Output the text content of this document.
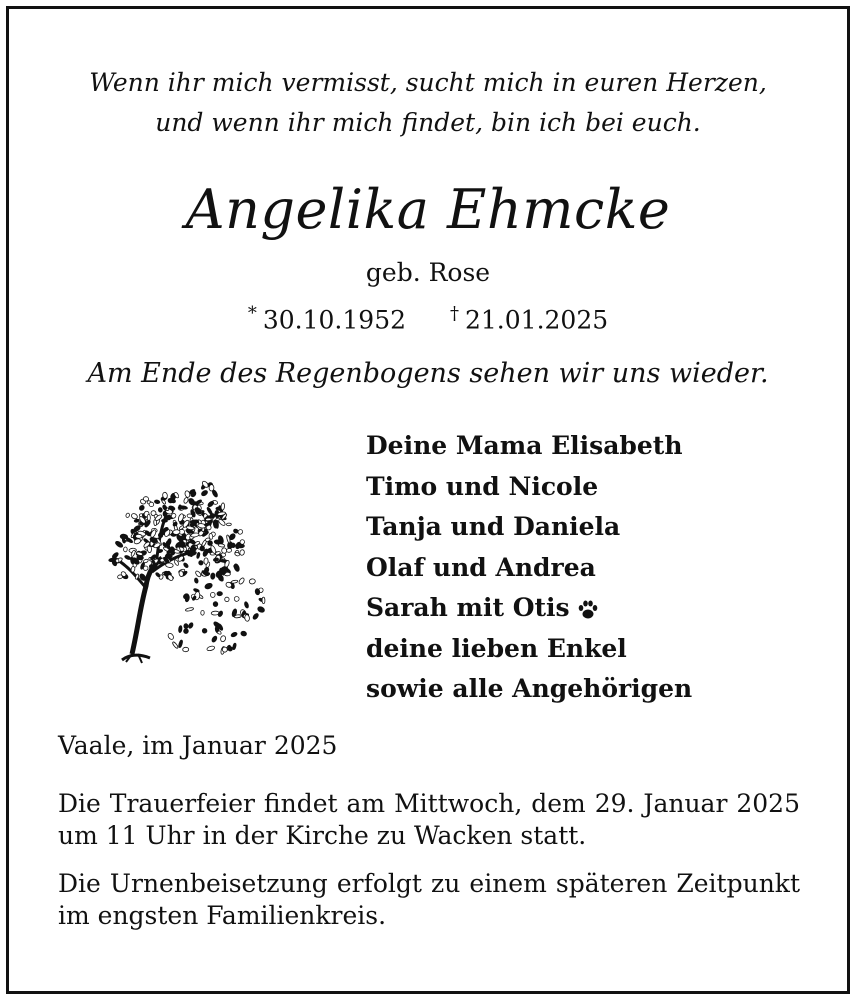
Wenn ihr mich vermisst, sucht mich in euren Herzen,
und wenn ihr mich findet, bin ich bei euch.
Angelika Ehmcke
geb. Rose
* 30.10.1952 † 21.01.2025
Am Ende des Regenbogens sehen wir uns wieder.
Deine Mama Elisabeth
Timo und Nicole
Tanja und Daniela
Olaf und Andrea
Sarah mit Otis
deine lieben Enkel
sowie alle Angehörigen
Vaale, im Januar 2025
Die Trauerfeier findet am Mittwoch, dem 29. Januar 2025 um 11 Uhr in der Kirche zu Wacken statt.
Die Urnenbeisetzung erfolgt zu einem späteren Zeitpunkt im engsten Familienkreis.
